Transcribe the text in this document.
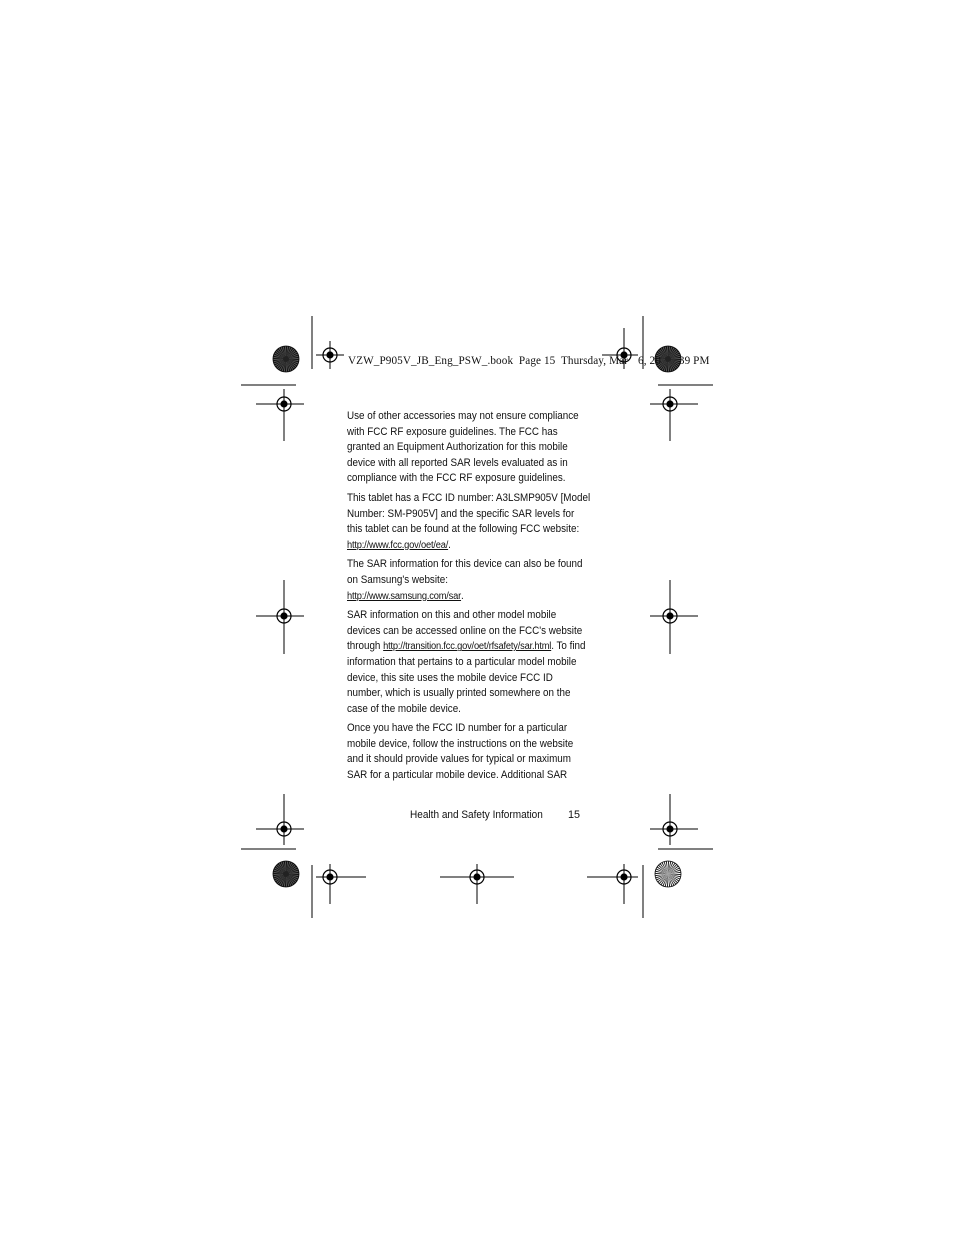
VZW_P905V_JB_Eng_PSW_.book  Page 15  Thursday, Mar 6, 20 39 PM

Use of other accessories may not ensure compliance with FCC RF exposure guidelines. The FCC has granted an Equipment Authorization for this mobile device with all reported SAR levels evaluated as in compliance with the FCC RF exposure guidelines.

This tablet has a FCC ID number: A3LSMP905V [Model Number: SM-P905V] and the specific SAR levels for this tablet can be found at the following FCC website:
http://www.fcc.gov/oet/ea/.

The SAR information for this device can also be found on Samsung's website:
http://www.samsung.com/sar.

SAR information on this and other model mobile devices can be accessed online on the FCC's website through http://transition.fcc.gov/oet/rfsafety/sar.html. To find information that pertains to a particular model mobile device, this site uses the mobile device FCC ID number, which is usually printed somewhere on the case of the mobile device.

Once you have the FCC ID number for a particular mobile device, follow the instructions on the website and it should provide values for typical or maximum SAR for a particular mobile device. Additional SAR

Health and Safety Information 15
